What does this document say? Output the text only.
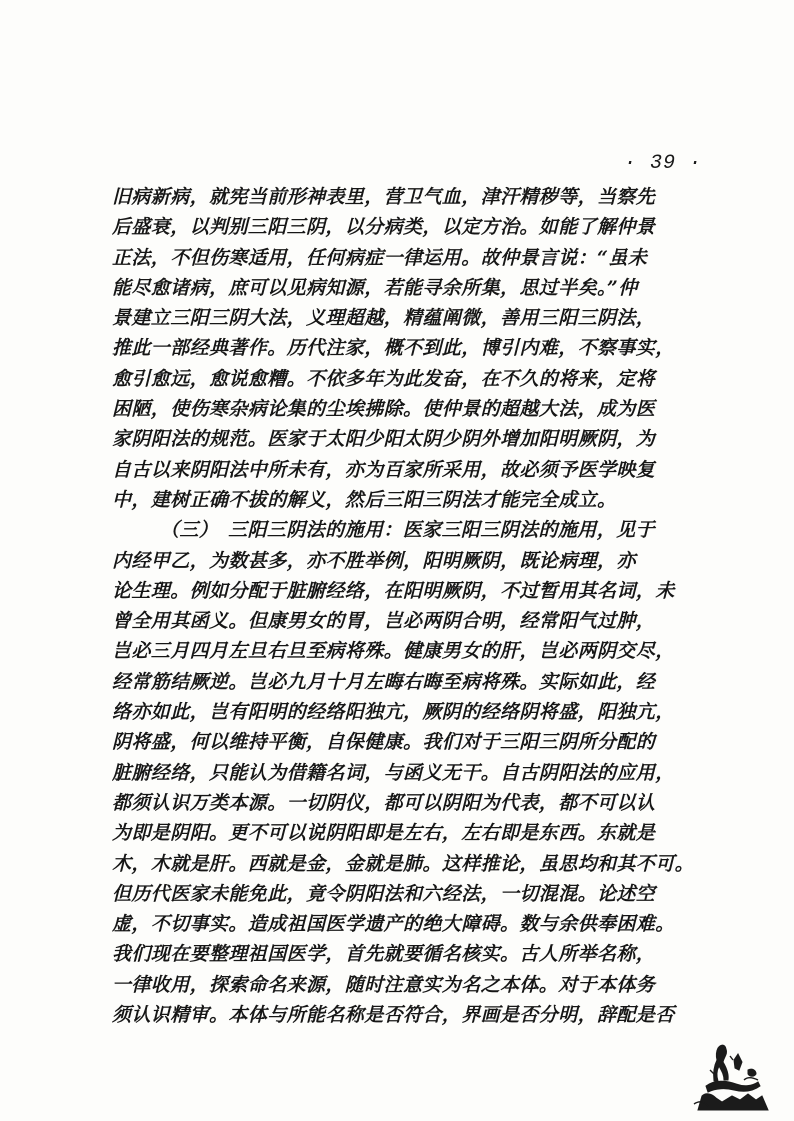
· 39 ·
旧病新病，就宪当前形神表里，营卫气血，津汗精秽等，当察先
后盛衰，以判别三阳三阴，以分病类，以定方治。如能了解仲景
正法，不但伤寒适用，任何病症一律运用。故仲景言说：“虽未
能尽愈诸病，庶可以见病知源，若能寻余所集，思过半矣。”仲
景建立三阳三阴大法，义理超越，精蕴阐微，善用三阳三阴法，
推此一部经典著作。历代注家，概不到此，博引内难，不察事实，
愈引愈远，愈说愈糟。不依多年为此发奋，在不久的将来，定将
困陋，使伤寒杂病论集的尘埃拂除。使仲景的超越大法，成为医
家阴阳法的规范。医家于太阳少阳太阴少阴外增加阳明厥阴，为
自古以来阴阳法中所未有，亦为百家所采用，故必须予医学映复
中，建树正确不拔的解义，然后三阳三阴法才能完全成立。
（三）　三阳三阴法的施用：医家三阳三阴法的施用，见于
内经甲乙，为数甚多，亦不胜举例，阳明厥阴，既论病理，亦
论生理。例如分配于脏腑经络，在阳明厥阴，不过暂用其名词，未
曾全用其函义。但康男女的胃，岂必两阴合明，经常阳气过肿，
岂必三月四月左旦右旦至病将殊。健康男女的肝，岂必两阴交尽，
经常筋结厥逆。岂必九月十月左晦右晦至病将殊。实际如此，经
络亦如此，岂有阳明的经络阳独亢，厥阴的经络阴将盛，阳独亢，
阴将盛，何以维持平衡，自保健康。我们对于三阳三阴所分配的
脏腑经络，只能认为借籍名词，与函义无干。自古阴阳法的应用，
都须认识万类本源。一切阴仪，都可以阴阳为代表，都不可以认
为即是阴阳。更不可以说阴阳即是左右，左右即是东西。东就是
木，木就是肝。西就是金，金就是肺。这样推论，虽思均和其不可。
但历代医家未能免此，竟令阴阳法和六经法，一切混混。论述空
虚，不切事实。造成祖国医学遗产的绝大障碍。数与余供奉困难。
我们现在要整理祖国医学，首先就要循名核实。古人所举名称，
一律收用，探索命名来源，随时注意实为名之本体。对于本体务
须认识精审。本体与所能名称是否符合，界画是否分明，辞配是否
